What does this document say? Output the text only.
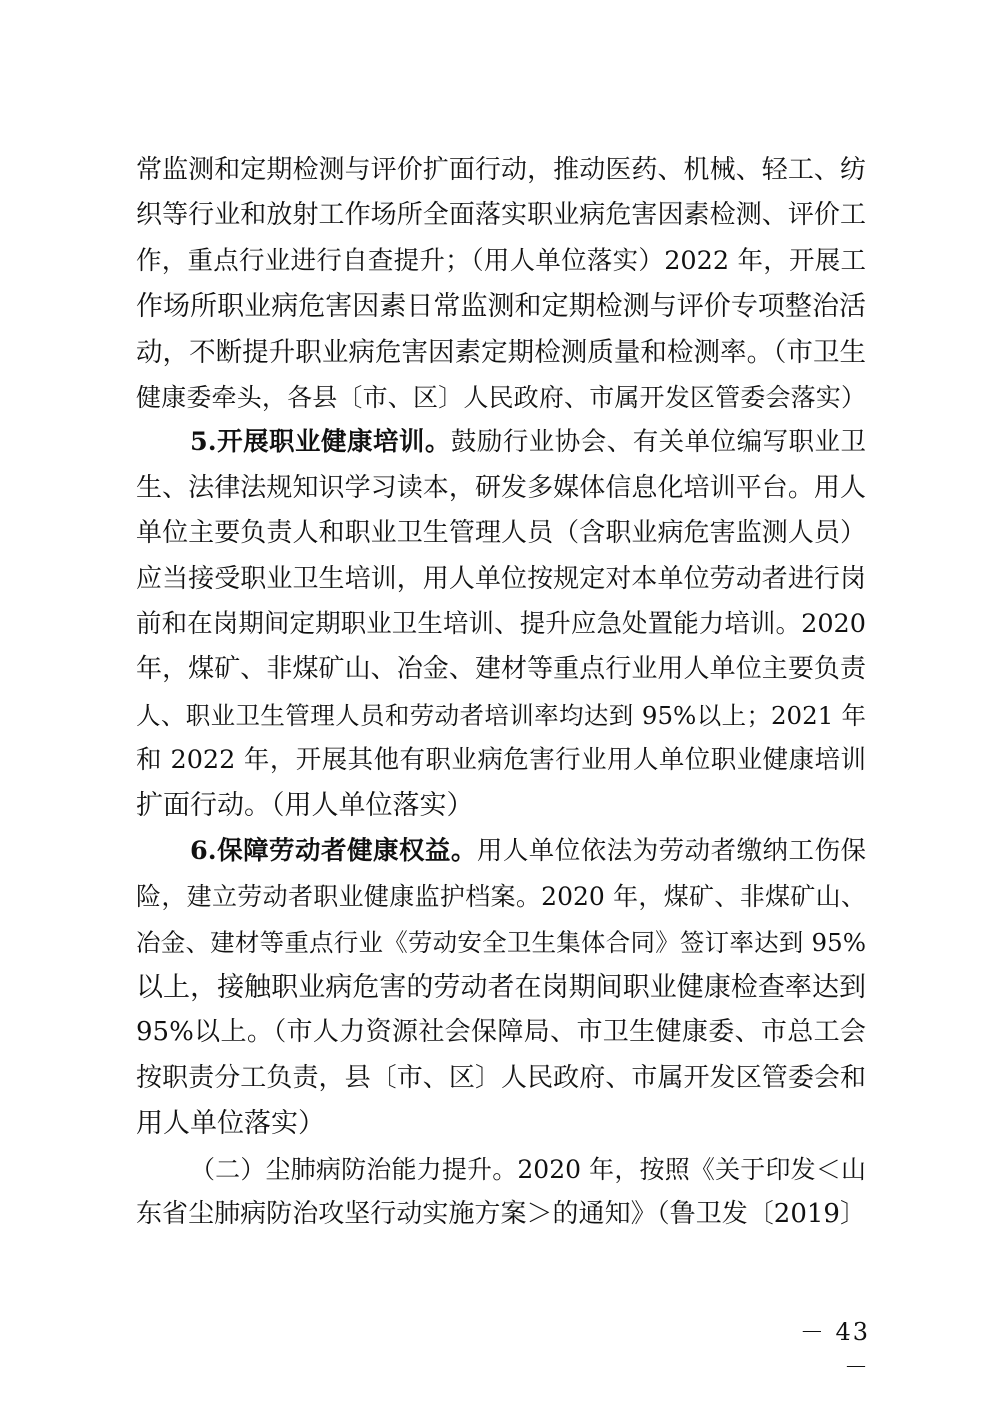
常监测和定期检测与评价扩面行动，推动医药、机械、轻工、纺
织等行业和放射工作场所全面落实职业病危害因素检测、评价工
作，重点行业进行自查提升；（用人单位落实）2022 年，开展工
作场所职业病危害因素日常监测和定期检测与评价专项整治活
动，不断提升职业病危害因素定期检测质量和检测率。（市卫生
健康委牵头，各县〔市、区〕人民政府、市属开发区管委会落实）
5.开展职业健康培训。鼓励行业协会、有关单位编写职业卫
生、法律法规知识学习读本，研发多媒体信息化培训平台。用人
单位主要负责人和职业卫生管理人员（含职业病危害监测人员）
应当接受职业卫生培训，用人单位按规定对本单位劳动者进行岗
前和在岗期间定期职业卫生培训、提升应急处置能力培训。2020
年，煤矿、非煤矿山、冶金、建材等重点行业用人单位主要负责
人、职业卫生管理人员和劳动者培训率均达到 95%以上；2021 年
和 2022 年，开展其他有职业病危害行业用人单位职业健康培训
扩面行动。（用人单位落实）
6.保障劳动者健康权益。用人单位依法为劳动者缴纳工伤保
险，建立劳动者职业健康监护档案。2020 年，煤矿、非煤矿山、
冶金、建材等重点行业《劳动安全卫生集体合同》签订率达到 95%
以上，接触职业病危害的劳动者在岗期间职业健康检查率达到
95%以上。（市人力资源社会保障局、市卫生健康委、市总工会
按职责分工负责，县〔市、区〕人民政府、市属开发区管委会和
用人单位落实）
（二）尘肺病防治能力提升。2020 年，按照《关于印发＜山
东省尘肺病防治攻坚行动实施方案＞的通知》（鲁卫发〔2019〕
－ 43 －
